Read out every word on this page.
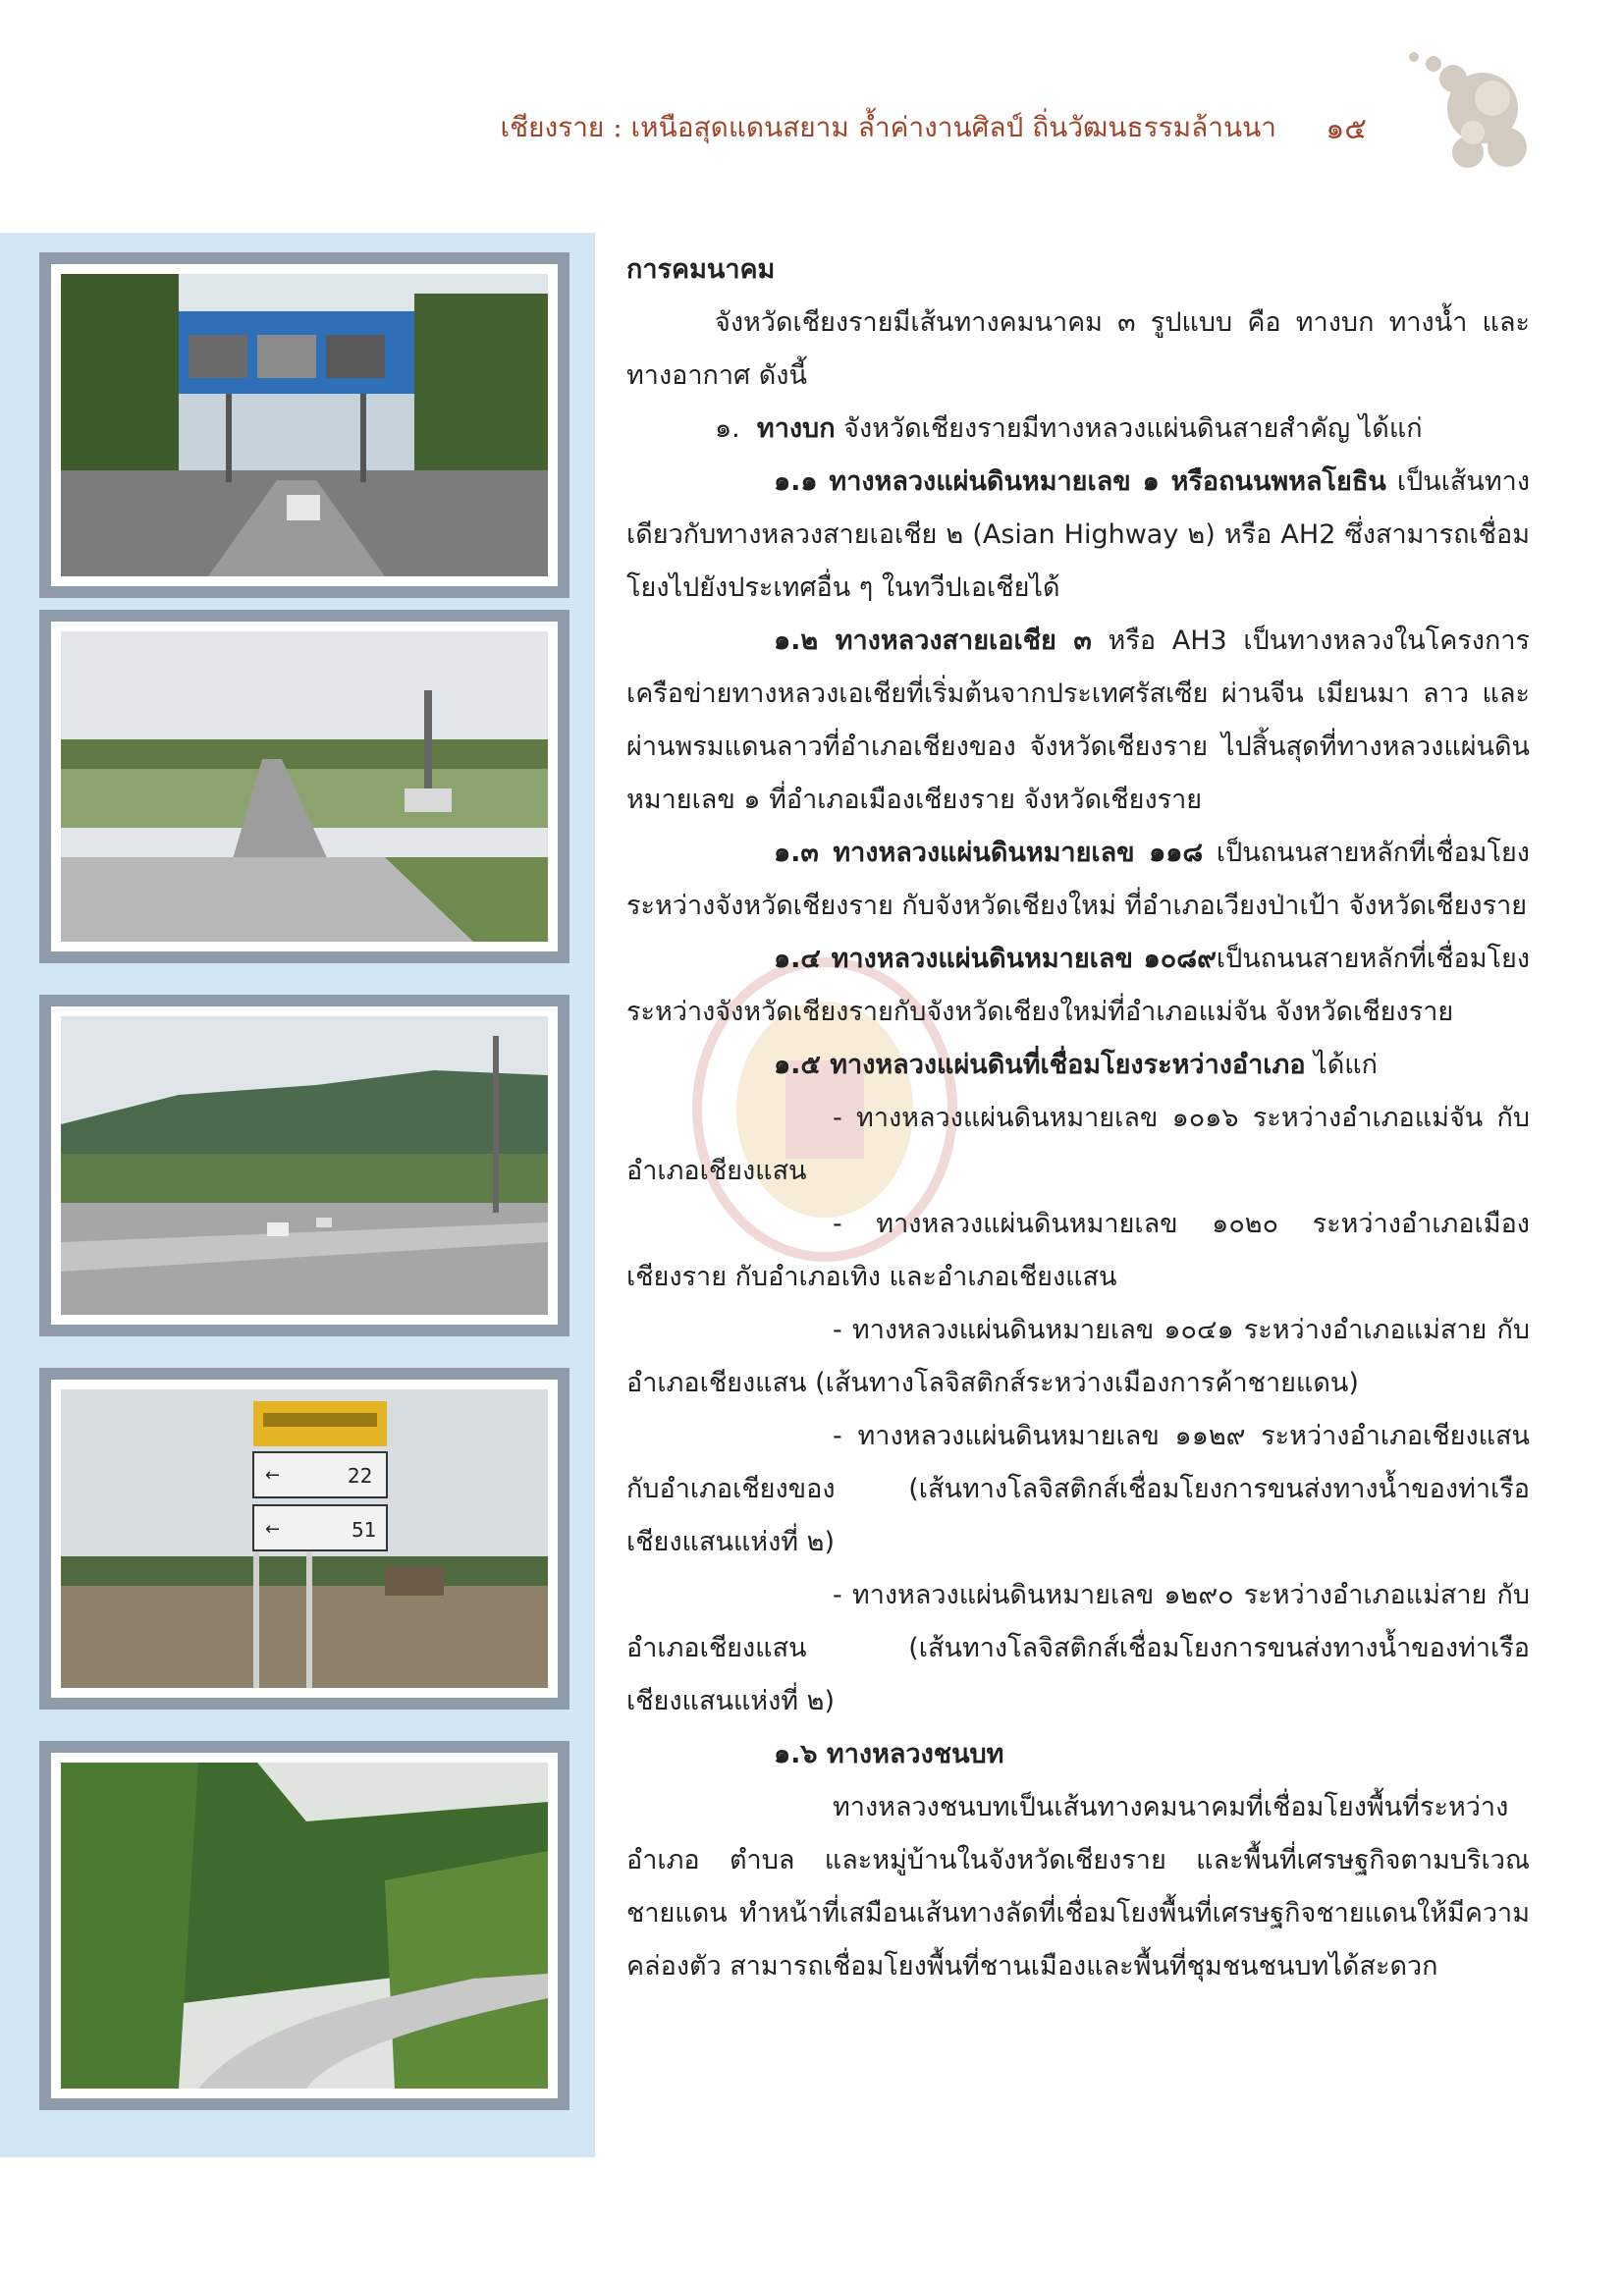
เชียงราย : เหนือสุดแดนสยาม ล้ำค่างานศิลป์ ถิ่นวัฒนธรรมล้านนา ๑๕
←
←
22
51

การคมนาคม

จังหวัดเชียงรายมีเส้นทางคมนาคม ๓ รูปแบบ คือ ทางบก ทางน้ำ และทางอากาศ ดังนี้

๑. ทางบก จังหวัดเชียงรายมีทางหลวงแผ่นดินสายสำคัญ ได้แก่

๑.๑ ทางหลวงแผ่นดินหมายเลข ๑ หรือถนนพหลโยธิน เป็นเส้นทางเดียวกับทางหลวงสายเอเชีย ๒ (Asian Highway ๒) หรือ AH2 ซึ่งสามารถเชื่อมโยงไปยังประเทศอื่น ๆ ในทวีปเอเชียได้

๑.๒ ทางหลวงสายเอเชีย ๓ หรือ AH3 เป็นทางหลวงในโครงการเครือข่ายทางหลวงเอเชียที่เริ่มต้นจากประเทศรัสเซีย ผ่านจีน เมียนมา ลาว และผ่านพรมแดนลาวที่อำเภอเชียงของ จังหวัดเชียงราย ไปสิ้นสุดที่ทางหลวงแผ่นดินหมายเลข ๑ ที่อำเภอเมืองเชียงราย จังหวัดเชียงราย

๑.๓ ทางหลวงแผ่นดินหมายเลข ๑๑๘ เป็นถนนสายหลักที่เชื่อมโยงระหว่างจังหวัดเชียงราย กับจังหวัดเชียงใหม่ ที่อำเภอเวียงป่าเป้า จังหวัดเชียงราย

๑.๔ ทางหลวงแผ่นดินหมายเลข ๑๐๘๙เป็นถนนสายหลักที่เชื่อมโยงระหว่างจังหวัดเชียงรายกับจังหวัดเชียงใหม่ที่อำเภอแม่จัน จังหวัดเชียงราย

๑.๕ ทางหลวงแผ่นดินที่เชื่อมโยงระหว่างอำเภอ ได้แก่

- ทางหลวงแผ่นดินหมายเลข ๑๐๑๖ ระหว่างอำเภอแม่จัน กับอำเภอเชียงแสน

- ทางหลวงแผ่นดินหมายเลข ๑๐๒๐ ระหว่างอำเภอเมืองเชียงราย กับอำเภอเทิง และอำเภอเชียงแสน

- ทางหลวงแผ่นดินหมายเลข ๑๐๔๑ ระหว่างอำเภอแม่สาย กับอำเภอเชียงแสน (เส้นทางโลจิสติกส์ระหว่างเมืองการค้าชายแดน)

- ทางหลวงแผ่นดินหมายเลข ๑๑๒๙ ระหว่างอำเภอเชียงแสน กับอำเภอเชียงของ (เส้นทางโลจิสติกส์เชื่อมโยงการขนส่งทางน้ำของท่าเรือเชียงแสนแห่งที่ ๒)

- ทางหลวงแผ่นดินหมายเลข ๑๒๙๐ ระหว่างอำเภอแม่สาย กับอำเภอเชียงแสน (เส้นทางโลจิสติกส์เชื่อมโยงการขนส่งทางน้ำของท่าเรือเชียงแสนแห่งที่ ๒)

๑.๖ ทางหลวงชนบท

ทางหลวงชนบทเป็นเส้นทางคมนาคมที่เชื่อมโยงพื้นที่ระหว่างอำเภอ ตำบล และหมู่บ้านในจังหวัดเชียงราย และพื้นที่เศรษฐกิจตามบริเวณชายแดน ทำหน้าที่เสมือนเส้นทางลัดที่เชื่อมโยงพื้นที่เศรษฐกิจชายแดนให้มีความคล่องตัว สามารถเชื่อมโยงพื้นที่ชานเมืองและพื้นที่ชุมชนชนบทได้สะดวก
